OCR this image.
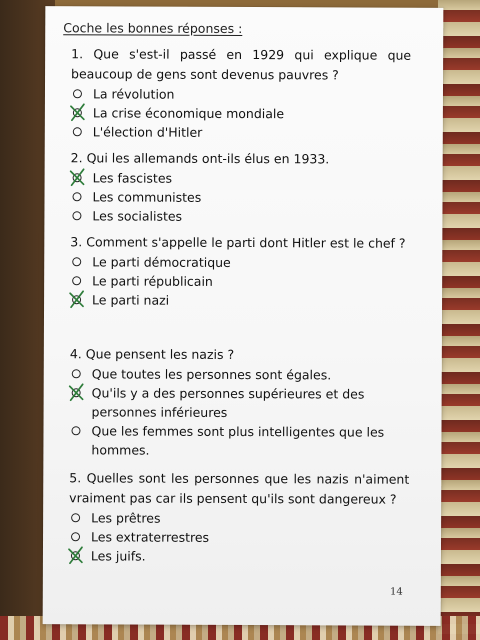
Coche les bonnes réponses :
1. Que s'est-il passé en 1929 qui explique que beaucoup de gens sont devenus pauvres ?
La révolution
La crise économique mondiale
L'élection d'Hitler
2. Qui les allemands ont-ils élus en 1933.
Les fascistes
Les communistes
Les socialistes
3. Comment s'appelle le parti dont Hitler est le chef ?
Le parti démocratique
Le parti républicain
Le parti nazi
4. Que pensent les nazis ?
Que toutes les personnes sont égales.
Qu'ils y a des personnes supérieures et des personnes inférieures
Que les femmes sont plus intelligentes que les hommes.
5. Quelles sont les personnes que les nazis n'aiment vraiment pas car ils pensent qu'ils sont dangereux ?
Les prêtres
Les extraterrestres
Les juifs.
14
